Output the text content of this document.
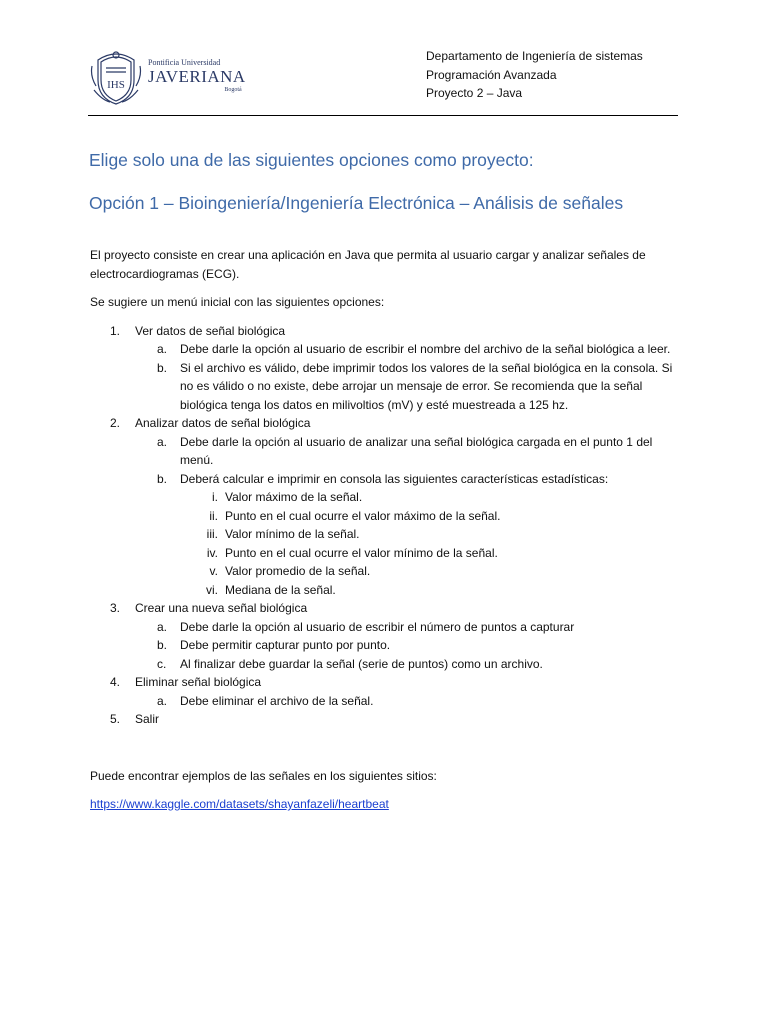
IHS
Pontificia Universidad
JAVERIANA
Bogotá
Departamento de Ingeniería de sistemas
Programación Avanzada
Proyecto 2 – Java
Elige solo una de las siguientes opciones como proyecto:
Opción 1 – Bioingeniería/Ingeniería Electrónica – Análisis de señales

El proyecto consiste en crear una aplicación en Java que permita al usuario cargar y analizar señales de electrocardiogramas (ECG).

Se sugiere un menú inicial con las siguientes opciones:

1.	Ver datos de señal biológica
a.	Debe darle la opción al usuario de escribir el nombre del archivo de la señal biológica a leer.
b.	Si el archivo es válido, debe imprimir todos los valores de la señal biológica en la consola. Si no es válido o no existe, debe arrojar un mensaje de error. Se recomienda que la señal biológica tenga los datos en milivoltios (mV) y esté muestreada a 125 hz.
2.	Analizar datos de señal biológica
a.	Debe darle la opción al usuario de analizar una señal biológica cargada en el punto 1 del menú.
b.	Deberá calcular e imprimir en consola las siguientes características estadísticas:
i. Valor máximo de la señal.
ii. Punto en el cual ocurre el valor máximo de la señal.
iii. Valor mínimo de la señal.
iv. Punto en el cual ocurre el valor mínimo de la señal.
v. Valor promedio de la señal.
vi. Mediana de la señal.
3.	Crear una nueva señal biológica
a.	Debe darle la opción al usuario de escribir el número de puntos a capturar
b.	Debe permitir capturar punto por punto.
c.	Al finalizar debe guardar la señal (serie de puntos) como un archivo.
4.	Eliminar señal biológica
a.	Debe eliminar el archivo de la señal.
5.	Salir

Puede encontrar ejemplos de las señales en los siguientes sitios:

https://www.kaggle.com/datasets/shayanfazeli/heartbeat
